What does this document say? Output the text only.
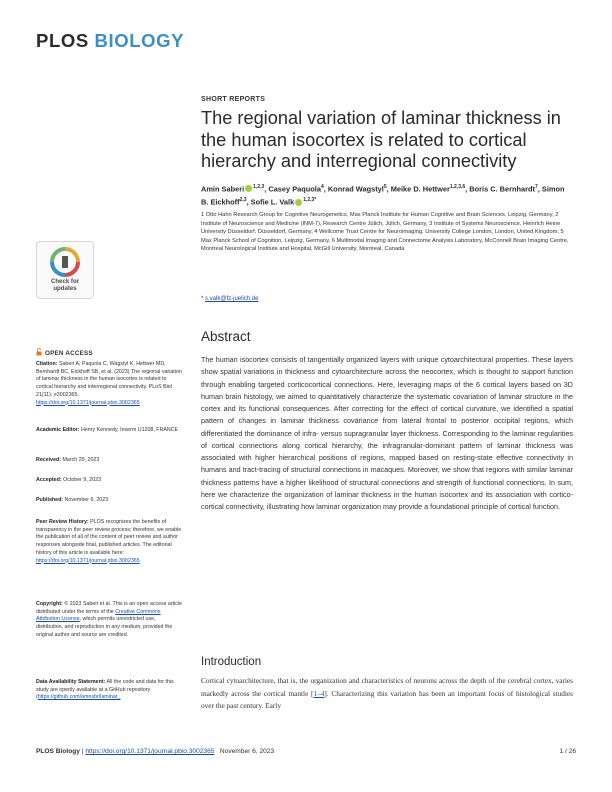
PLOS BIOLOGY
Check for
updates
OPEN ACCESS
Citation: Saberi A, Paquola C, Wagstyl K, Hettwer MD, Bernhardt BC, Eickhoff SB, et al. (2023) The regional variation of laminar thickness in the human isocortex is related to cortical hierarchy and interregional connectivity. PLoS Biol 21(11): e3002365. https://doi.org/10.1371/journal.pbio.3002365
Academic Editor: Henry Kennedy, Inserm U1208, FRANCE
Received: March 29, 2023
Accepted: October 9, 2023
Published: November 6, 2023
Peer Review History: PLOS recognizes the benefits of transparency in the peer review process; therefore, we enable the publication of all of the content of peer review and author responses alongside final, published articles. The editorial history of this article is available here: https://doi.org/10.1371/journal.pbio.3002365
Copyright: © 2023 Saberi et al. This is an open access article distributed under the terms of the Creative Commons Attribution License, which permits unrestricted use, distribution, and reproduction in any medium, provided the original author and source are credited.
Data Availability Statement: All the code and data for this study are openly available at a GitHub repository (https://github.com/amnsbr/laminar_
SHORT REPORTS
The regional variation of laminar thickness in the human isocortex is related to cortical hierarchy and interregional connectivity
Amin Saberi $^{1,2,3}$, Casey Paquola$^4$, Konrad Wagstyl$^5$, Meike D. Hettwer$^{1,2,3,6}$, Boris C. Bernhardt$^7$, Simon B. Eickhoff$^{2,3}$, Sofie L. Valk $^{1,2,3*}$
1 Otto Hahn Research Group for Cognitive Neurogenetics, Max Planck Institute for Human Cognitive and Brain Sciences, Leipzig, Germany, 2 Institute of Neuroscience and Medicine (INM-7), Research Centre Jülich, Jülich, Germany, 3 Institute of Systems Neuroscience, Heinrich Heine University Düsseldorf, Düsseldorf, Germany, 4 Wellcome Trust Centre for Neuroimaging, University College London, London, United Kingdom, 5 Max Planck School of Cognition, Leipzig, Germany, 6 Multimodal Imaging and Connectome Analysis Laboratory, McConnell Brain Imaging Centre, Montreal Neurological Institute and Hospital, McGill University, Montreal, Canada
* s.valk@fz-juelich.de
Abstract
The human isocortex consists of tangentially organized layers with unique cytoarchitectural properties. These layers show spatial variations in thickness and cytoarchitecture across the neocortex, which is thought to support function through enabling targeted corticocortical connections. Here, leveraging maps of the 6 cortical layers based on 3D human brain histology, we aimed to quantitatively characterize the systematic covariation of laminar structure in the cortex and its functional consequences. After correcting for the effect of cortical curvature, we identified a spatial pattern of changes in laminar thickness covariance from lateral frontal to posterior occipital regions, which differentiated the dominance of infra- versus supragranular layer thickness. Corresponding to the laminar regularities of cortical connections along cortical hierarchy, the infragranular-dominant pattern of laminar thickness was associated with higher hierarchical positions of regions, mapped based on resting-state effective connectivity in humans and tract-tracing of structural connections in macaques. Moreover, we show that regions with similar laminar thickness patterns have a higher likelihood of structural connections and strength of functional connections. In sum, here we characterize the organization of laminar thickness in the human isocortex and its association with cortico-cortical connectivity, illustrating how laminar organization may provide a foundational principle of cortical function.
Introduction
Cortical cytoarchitecture, that is, the organization and characteristics of neurons across the depth of the cerebral cortex, varies markedly across the cortical mantle [1–4]. Characterizing this variation has been an important focus of histological studies over the past century. Early
PLOS Biology | https://doi.org/10.1371/journal.pbio.3002365 November 6, 2023	1 / 26
